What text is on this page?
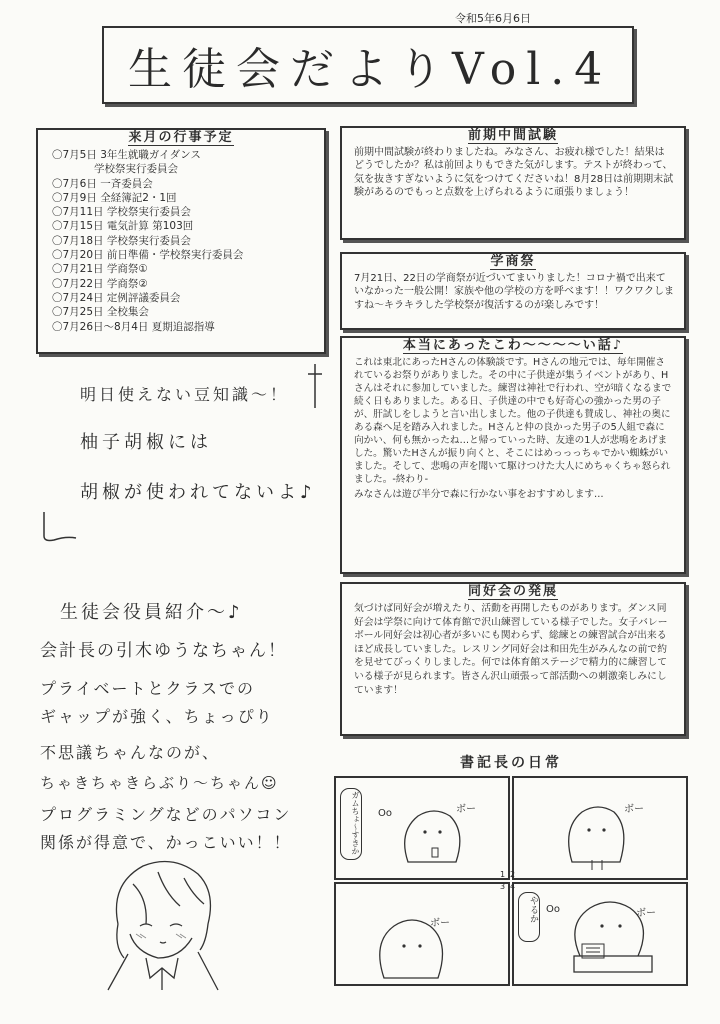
令和5年6月6日
生徒会だよりVol.4
来月の行事予定
〇7月5日 3年生就職ガイダンス
　　　　学校祭実行委員会
〇7月6日 一斉委員会
〇7月9日 全経簿記2・1回
〇7月11日 学校祭実行委員会
〇7月15日 電気計算 第103回
〇7月18日 学校祭実行委員会
〇7月20日 前日準備・学校祭実行委員会
〇7月21日 学商祭①
〇7月22日 学商祭②
〇7月24日 定例評議委員会
〇7月25日 全校集会
〇7月26日～8月4日 夏期追認指導
前期中間試験
前期中間試験が終わりましたね。みなさん、お疲れ様でした！結果はどうでしたか？私は前回よりもできた気がします。テストが終わって、気を抜きすぎないように気をつけてくださいね！8月28日は前期期末試験があるのでもっと点数を上げられるように頑張りましょう！
学商祭
7月21日、22日の学商祭が近づいてまいりました！コロナ禍で出来ていなかった一般公開！家族や他の学校の方を呼べます！！ワクワクしますね～キラキラした学校祭が復活するのが楽しみです！
本当にあったこわ～～～～い話♪
これは東北にあったHさんの体験談です。Hさんの地元では、毎年開催されているお祭りがありました。その中に子供達が集うイベントがあり、Hさんはそれに参加していました。練習は神社で行われ、空が暗くなるまで続く日もありました。ある日、子供達の中でも好奇心の強かった男の子が、肝試しをしようと言い出しました。他の子供達も賛成し、神社の奥にある森へ足を踏み入れました。Hさんと仲の良かった男子の5人組で森に向かい、何も無かったね…と帰っていった時、友達の1人が悲鳴をあげました。驚いたHさんが振り向くと、そこにはめっっっちゃでかい蜘蛛がいました。そして、悲鳴の声を聞いて駆けつけた大人にめちゃくちゃ怒られました。-終わり-
みなさんは遊び半分で森に行かない事をおすすめします…
同好会の発展
気づけば同好会が増えたり、活動を再開したものがあります。ダンス同好会は学祭に向けて体育館で沢山練習している様子でした。女子バレーボール同好会は初心者が多いにも関わらず、総練との練習試合が出来るほど成長していました。レスリング同好会は和田先生がみんなの前で約を見せてびっくりしました。何では体育館ステージで精力的に練習している様子が見られます。皆さん沢山頑張って部活動への刺激楽しみにしています！
明日使えない豆知識～！
柚子胡椒には
胡椒が使われてないよ♪
生徒会役員紹介～♪
会計長の引木ゆうなちゃん！
プライベートとクラスでの
ギャップが強く、ちょっぴり
不思議ちゃんなのが、
ちゃきちゃきらぶり～ちゃん☺
プログラミングなどのパソコン
関係が得意で、かっこいい！！
書記長の日常
ガムちょ～すきか Oo	ボー	ボー
ボー
やるか Oo	ボー
1 2
3 4
